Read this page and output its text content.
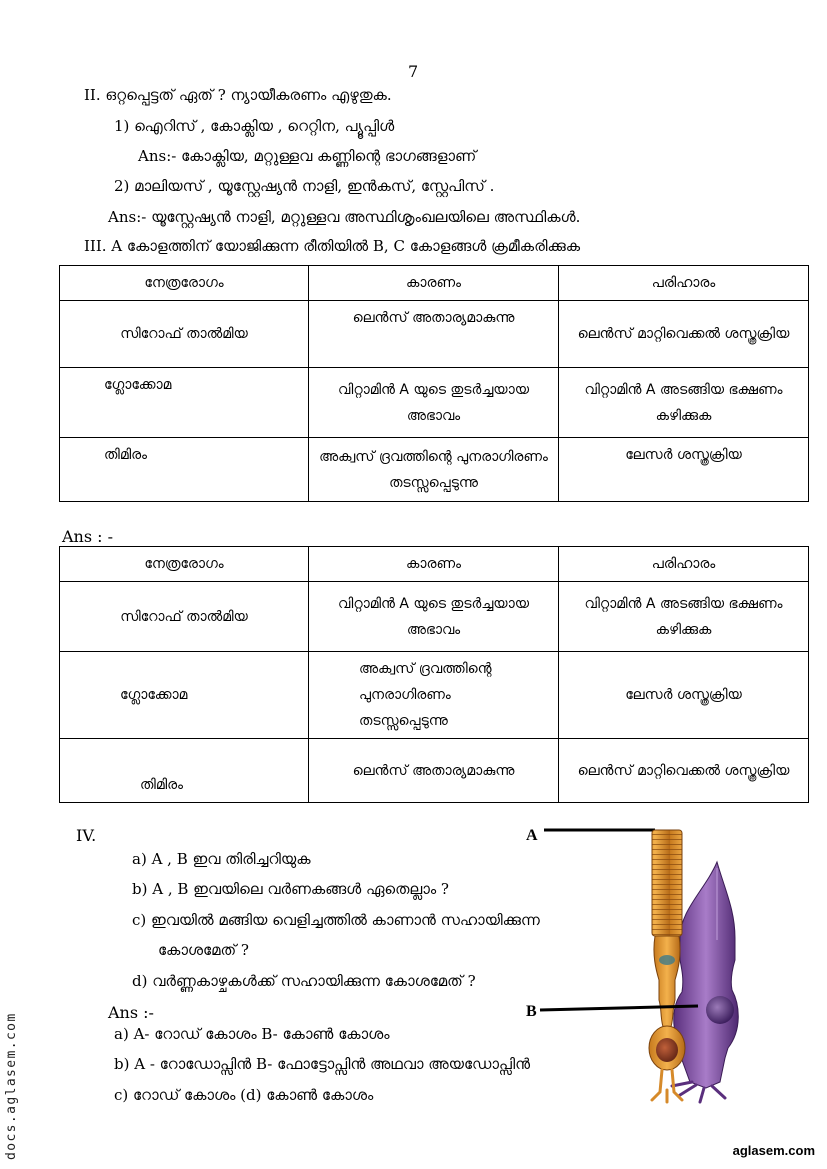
7
II. ഒറ്റപ്പെട്ടത് ഏത് ? ന്യായീകരണം എഴുതുക.
1) ഐറിസ് , കോക്ലിയ , റെറ്റിന, പ്യൂപ്പിൾ
Ans:- കോക്ലിയ, മറ്റുള്ളവ കണ്ണിന്റെ ഭാഗങ്ങളാണ്
2) മാലിയസ് , യൂസ്റ്റേഷ്യൻ നാളി, ഇൻകസ്, സ്റ്റേപിസ് .
Ans:- യൂസ്റ്റേഷ്യൻ നാളി, മറ്റുള്ളവ അസ്ഥിശൃംഖലയിലെ അസ്ഥികൾ.
III. A കോളത്തിന് യോജിക്കുന്ന രീതിയിൽ B, C കോളങ്ങൾ ക്രമീകരിക്കുക
നേത്രരോഗം	കാരണം	പരിഹാരം
സിറോഫ് താൽമിയ	ലെൻസ് അതാര്യമാകുന്നു	ലെൻസ് മാറ്റിവെക്കൽ ശസ്ത്രക്രിയ
ഗ്ലോക്കോമ	വിറ്റാമിൻ A യുടെ തുടർച്ചയായ അഭാവം	വിറ്റാമിൻ A അടങ്ങിയ ഭക്ഷണം കഴിക്കുക
തിമിരം	അക്വസ് ദ്രവത്തിന്റെ പുനരാഗിരണം തടസ്സപ്പെടുന്നു	ലേസർ ശസ്ത്രക്രിയ
Ans : -
നേത്രരോഗം	കാരണം	പരിഹാരം
സിറോഫ് താൽമിയ	വിറ്റാമിൻ A യുടെ തുടർച്ചയായ അഭാവം	വിറ്റാമിൻ A അടങ്ങിയ ഭക്ഷണം കഴിക്കുക
ഗ്ലോക്കോമ	അക്വസ് ദ്രവത്തിന്റെ പുനരാഗിരണം തടസ്സപ്പെടുന്നു	ലേസർ ശസ്ത്രക്രിയ
തിമിരം	ലെൻസ് അതാര്യമാകുന്നു	ലെൻസ് മാറ്റിവെക്കൽ ശസ്ത്രക്രിയ
IV.
a) A , B ഇവ തിരിച്ചറിയുക
b) A , B ഇവയിലെ വർണകങ്ങൾ ഏതെല്ലാം ?
c) ഇവയിൽ മങ്ങിയ വെളിച്ചത്തിൽ കാണാൻ സഹായിക്കുന്ന
കോശമേത് ?
d) വർണ്ണകാഴ്ചകൾക്ക് സഹായിക്കുന്ന കോശമേത് ?
Ans :-
a) A- റോഡ് കോശം B- കോൺ കോശം
b) A - റോഡോപ്സിൻ B- ഫോട്ടോപ്സിൻ അഥവാ അയഡോപ്സിൻ
c) റോഡ് കോശം (d) കോൺ കോശം
A
B
docs.aglasem.com	aglasem.com
